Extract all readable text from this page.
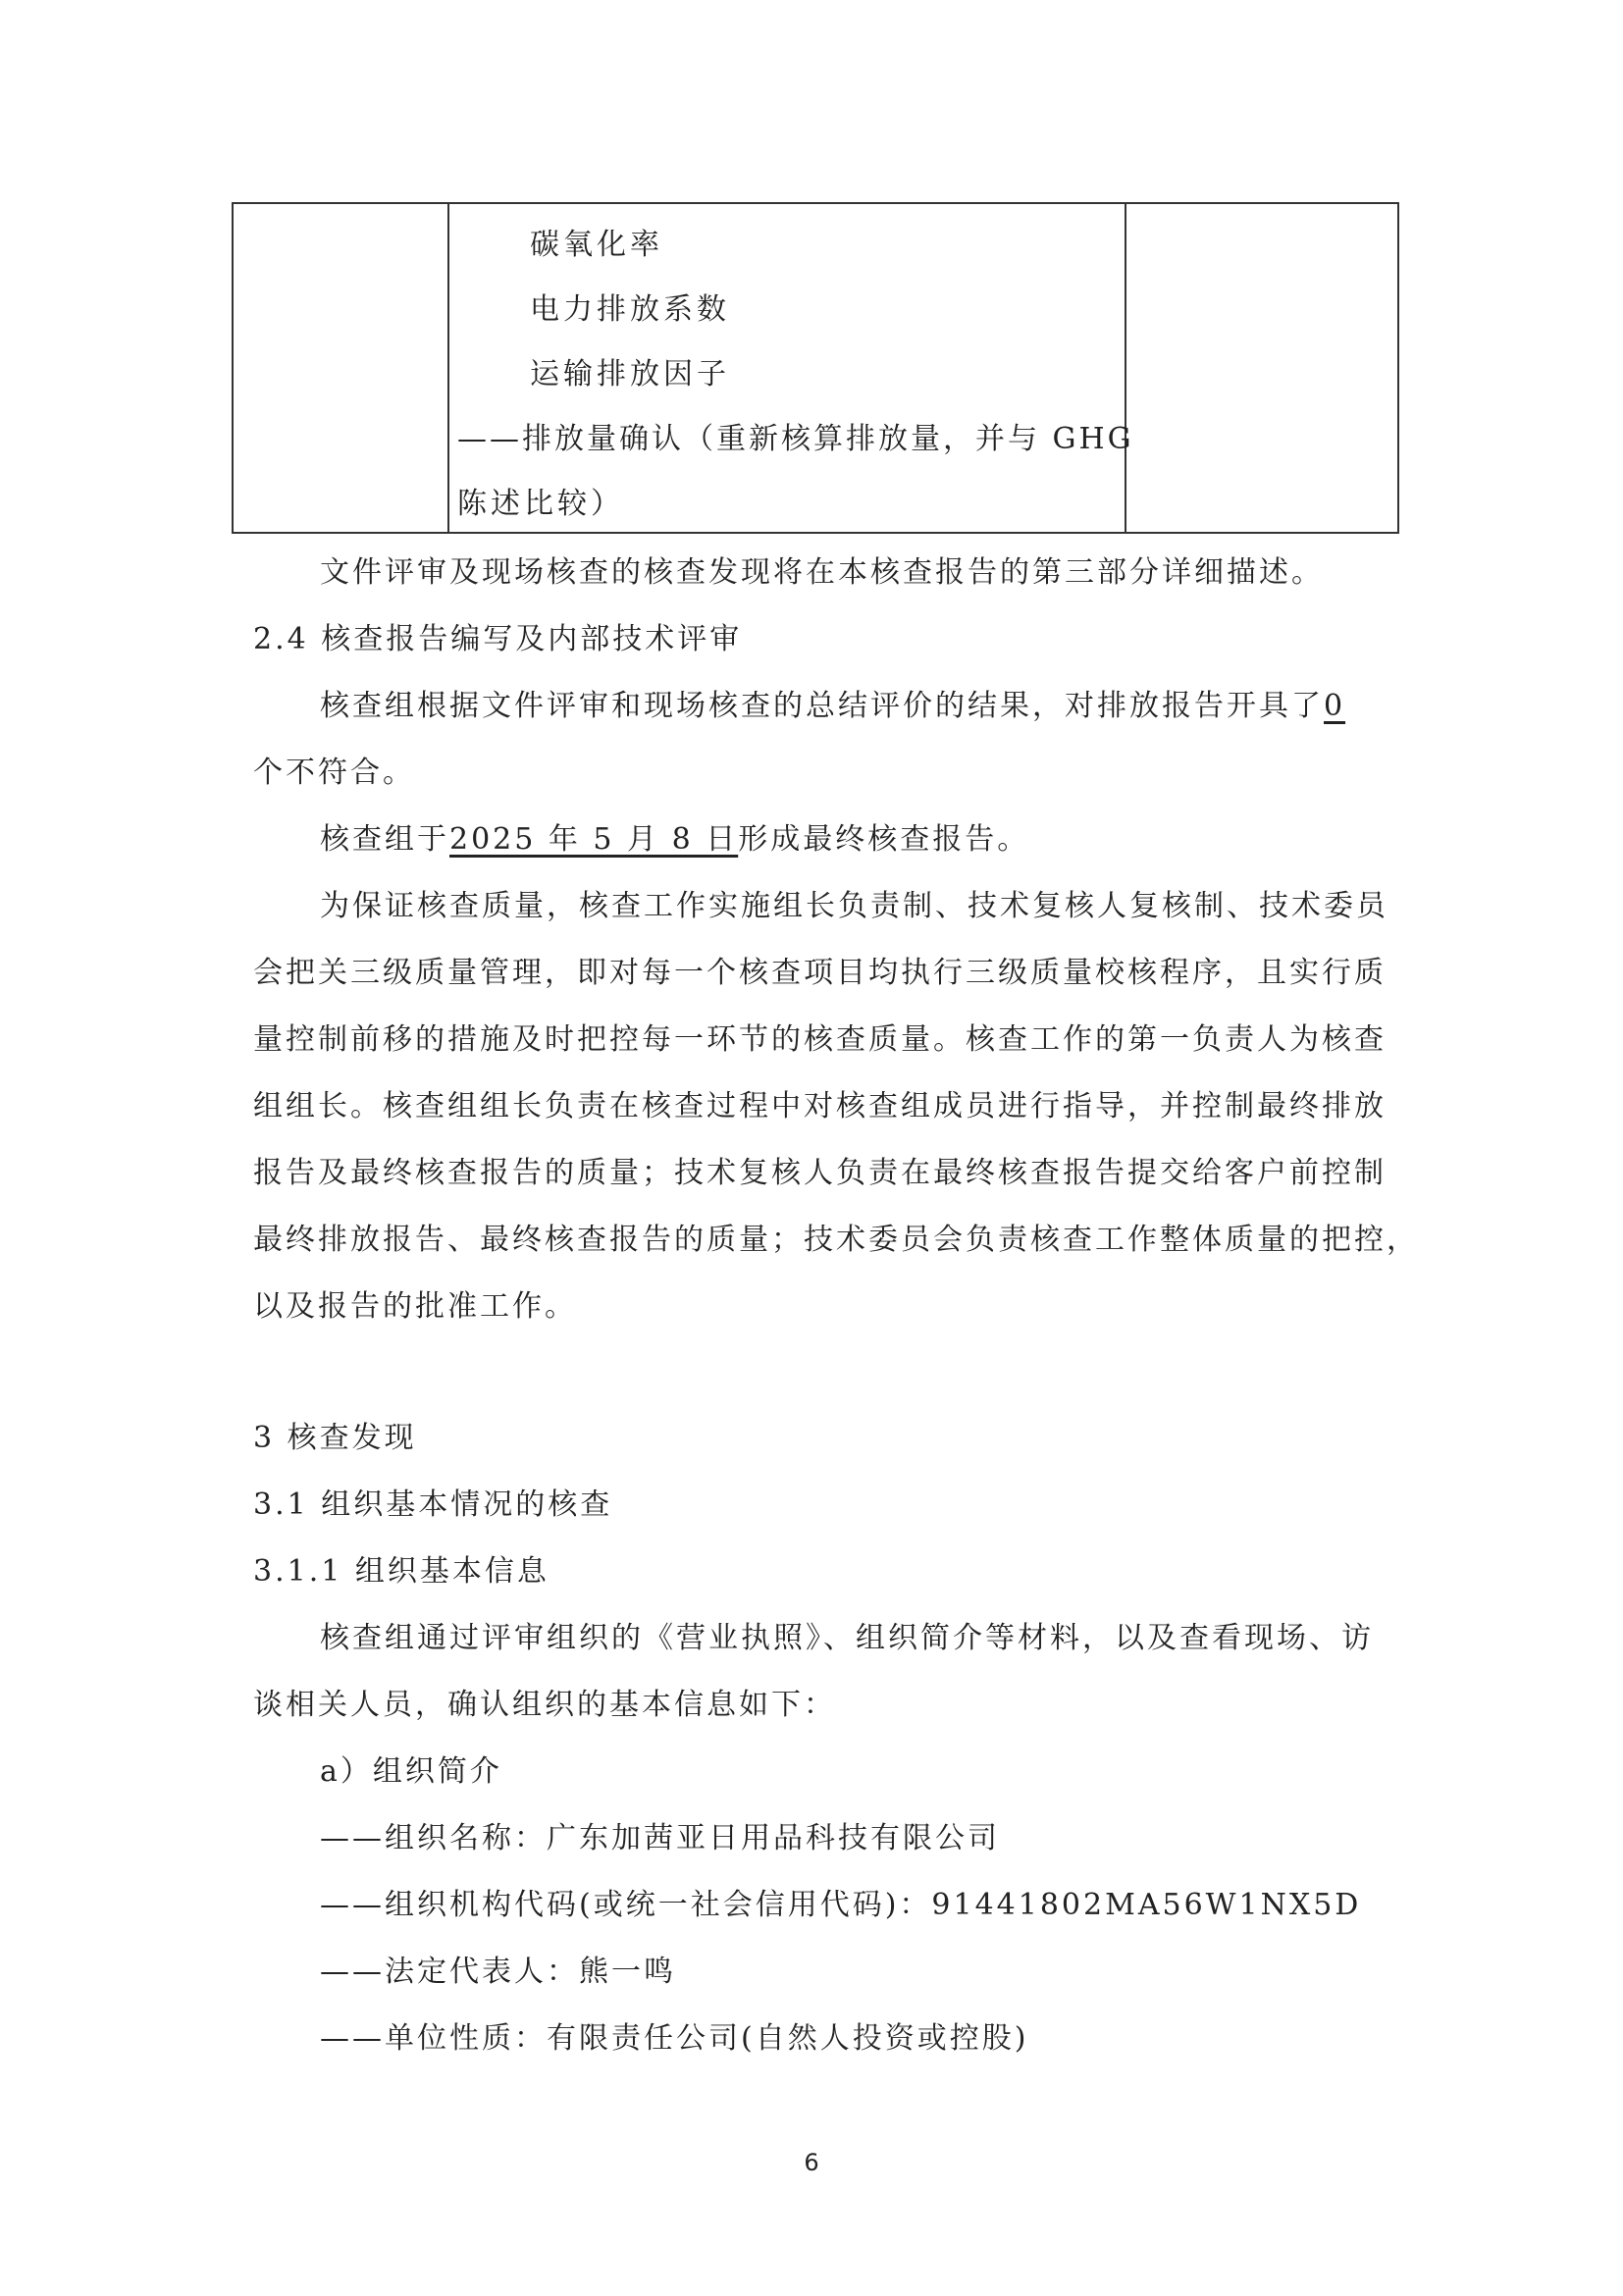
碳氧化率
电力排放系数
运输排放因子
——排放量确认（重新核算排放量，并与 GHG
陈述比较）
文件评审及现场核查的核查发现将在本核查报告的第三部分详细描述。
2.4 核查报告编写及内部技术评审
核查组根据文件评审和现场核查的总结评价的结果，对排放报告开具了0
个不符合。
核查组于2025 年 5 月 8 日形成最终核查报告。
为保证核查质量，核查工作实施组长负责制、技术复核人复核制、技术委员
会把关三级质量管理，即对每一个核查项目均执行三级质量校核程序，且实行质
量控制前移的措施及时把控每一环节的核查质量。核查工作的第一负责人为核查
组组长。核查组组长负责在核查过程中对核查组成员进行指导，并控制最终排放
报告及最终核查报告的质量；技术复核人负责在最终核查报告提交给客户前控制
最终排放报告、最终核查报告的质量；技术委员会负责核查工作整体质量的把控，
以及报告的批准工作。
3 核查发现
3.1 组织基本情况的核查
3.1.1 组织基本信息
核查组通过评审组织的《营业执照》、组织简介等材料，以及查看现场、访
谈相关人员，确认组织的基本信息如下：
a）组织简介
——组织名称：广东加茜亚日用品科技有限公司
——组织机构代码(或统一社会信用代码)：91441802MA56W1NX5D
——法定代表人：熊一鸣
——单位性质：有限责任公司(自然人投资或控股)
6
